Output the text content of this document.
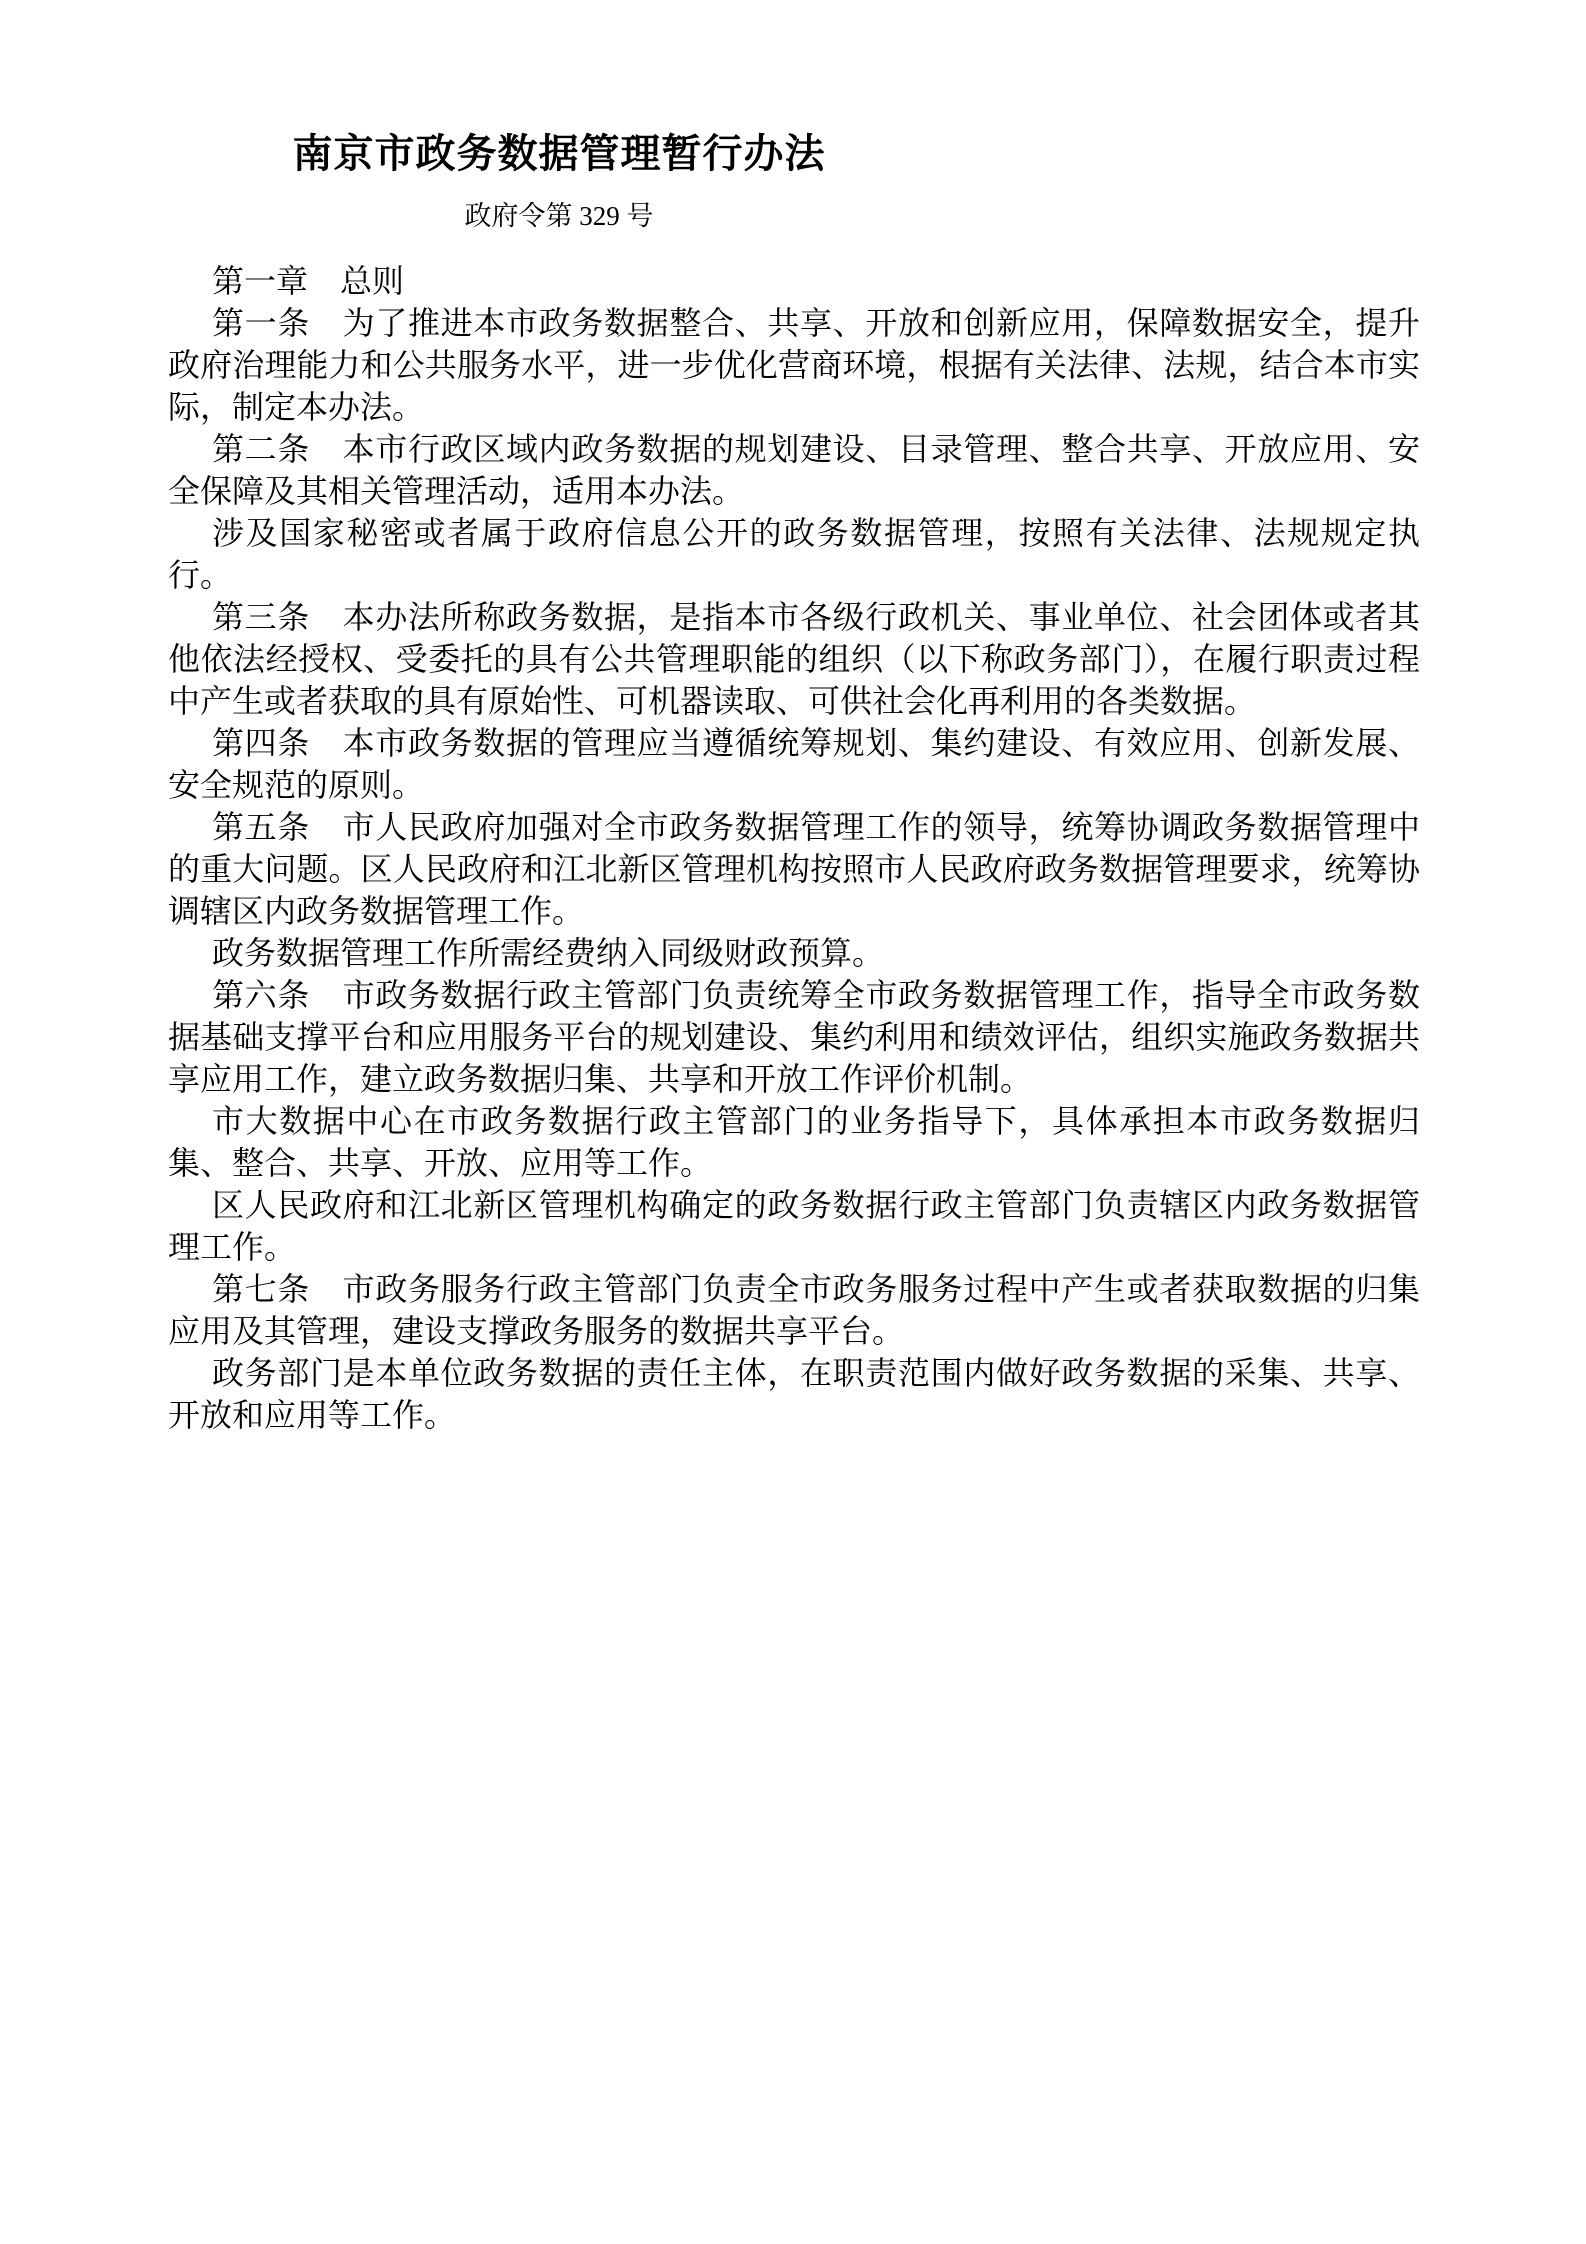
南京市政务数据管理暂行办法
政府令第 329 号

第一章　总则

第一条　为了推进本市政务数据整合、共享、开放和创新应用，保障数据安全，提升政府治理能力和公共服务水平，进一步优化营商环境，根据有关法律、法规，结合本市实际，制定本办法。

第二条　本市行政区域内政务数据的规划建设、目录管理、整合共享、开放应用、安全保障及其相关管理活动，适用本办法。

涉及国家秘密或者属于政府信息公开的政务数据管理，按照有关法律、法规规定执行。

第三条　本办法所称政务数据，是指本市各级行政机关、事业单位、社会团体或者其他依法经授权、受委托的具有公共管理职能的组织（以下称政务部门），在履行职责过程中产生或者获取的具有原始性、可机器读取、可供社会化再利用的各类数据。

第四条　本市政务数据的管理应当遵循统筹规划、集约建设、有效应用、创新发展、安全规范的原则。

第五条　市人民政府加强对全市政务数据管理工作的领导，统筹协调政务数据管理中的重大问题。区人民政府和江北新区管理机构按照市人民政府政务数据管理要求，统筹协调辖区内政务数据管理工作。

政务数据管理工作所需经费纳入同级财政预算。

第六条　市政务数据行政主管部门负责统筹全市政务数据管理工作，指导全市政务数据基础支撑平台和应用服务平台的规划建设、集约利用和绩效评估，组织实施政务数据共享应用工作，建立政务数据归集、共享和开放工作评价机制。

市大数据中心在市政务数据行政主管部门的业务指导下，具体承担本市政务数据归集、整合、共享、开放、应用等工作。

区人民政府和江北新区管理机构确定的政务数据行政主管部门负责辖区内政务数据管理工作。

第七条　市政务服务行政主管部门负责全市政务服务过程中产生或者获取数据的归集应用及其管理，建设支撑政务服务的数据共享平台。

政务部门是本单位政务数据的责任主体，在职责范围内做好政务数据的采集、共享、开放和应用等工作。
